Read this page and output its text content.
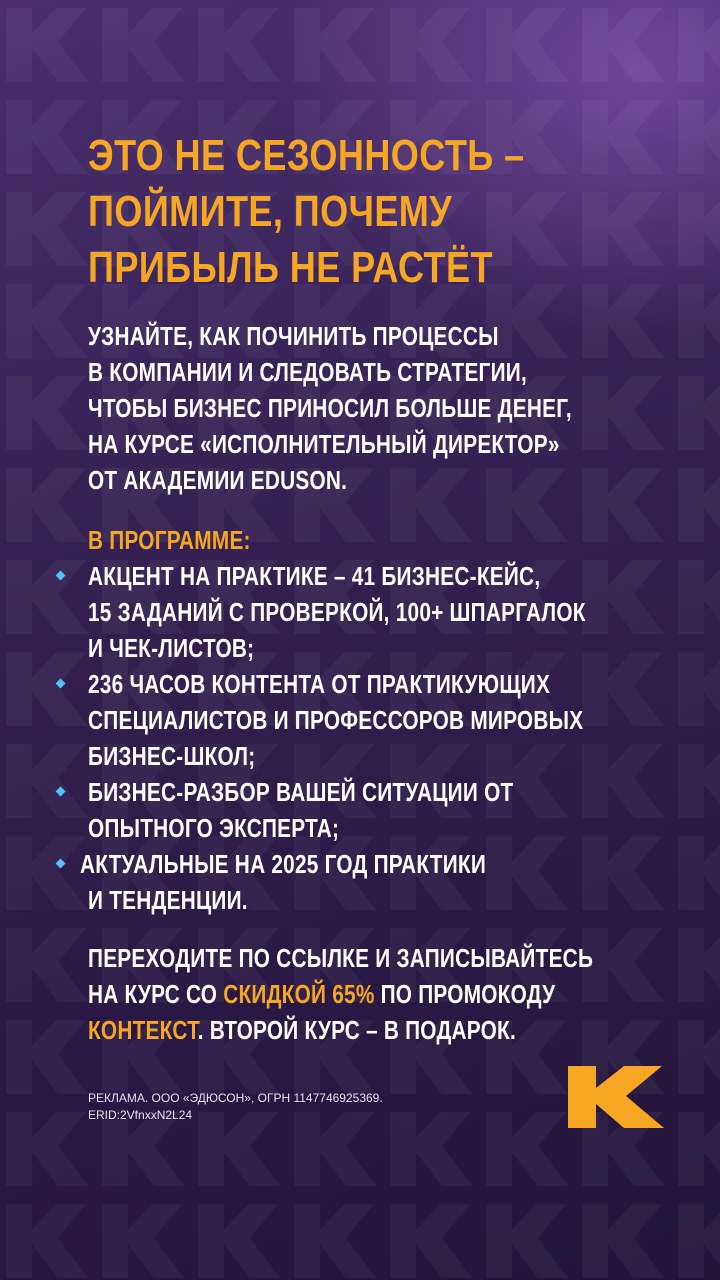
ЭТО НЕ СЕЗОННОСТЬ –
ПОЙМИТЕ, ПОЧЕМУ
ПРИБЫЛЬ НЕ РАСТЁТ
УЗНАЙТЕ, КАК ПОЧИНИТЬ ПРОЦЕССЫ
В КОМПАНИИ И СЛЕДОВАТЬ СТРАТЕГИИ,
ЧТОБЫ БИЗНЕС ПРИНОСИЛ БОЛЬШЕ ДЕНЕГ,
НА КУРСЕ «ИСПОЛНИТЕЛЬНЫЙ ДИРЕКТОР»
ОТ АКАДЕМИИ EDUSON.
В ПРОГРАММЕ:
АКЦЕНТ НА ПРАКТИКЕ – 41 БИЗНЕС-КЕЙС,
15 ЗАДАНИЙ С ПРОВЕРКОЙ, 100+ ШПАРГАЛОК
И ЧЕК-ЛИСТОВ;
236 ЧАСОВ КОНТЕНТА ОТ ПРАКТИКУЮЩИХ
СПЕЦИАЛИСТОВ И ПРОФЕССОРОВ МИРОВЫХ
БИЗНЕС-ШКОЛ;
БИЗНЕС-РАЗБОР ВАШЕЙ СИТУАЦИИ ОТ
ОПЫТНОГО ЭКСПЕРТА;
АКТУАЛЬНЫЕ НА 2025 ГОД ПРАКТИКИ
И ТЕНДЕНЦИИ.
ПЕРЕХОДИТЕ ПО ССЫЛКЕ И ЗАПИСЫВАЙТЕСЬ
НА КУРС СО СКИДКОЙ 65% ПО ПРОМОКОДУ
КОНТЕКСТ. ВТОРОЙ КУРС – В ПОДАРОК.
РЕКЛАМА. ООО «ЭДЮСОН», ОГРН 1147746925369.
ERID:2VfnxxN2L24
